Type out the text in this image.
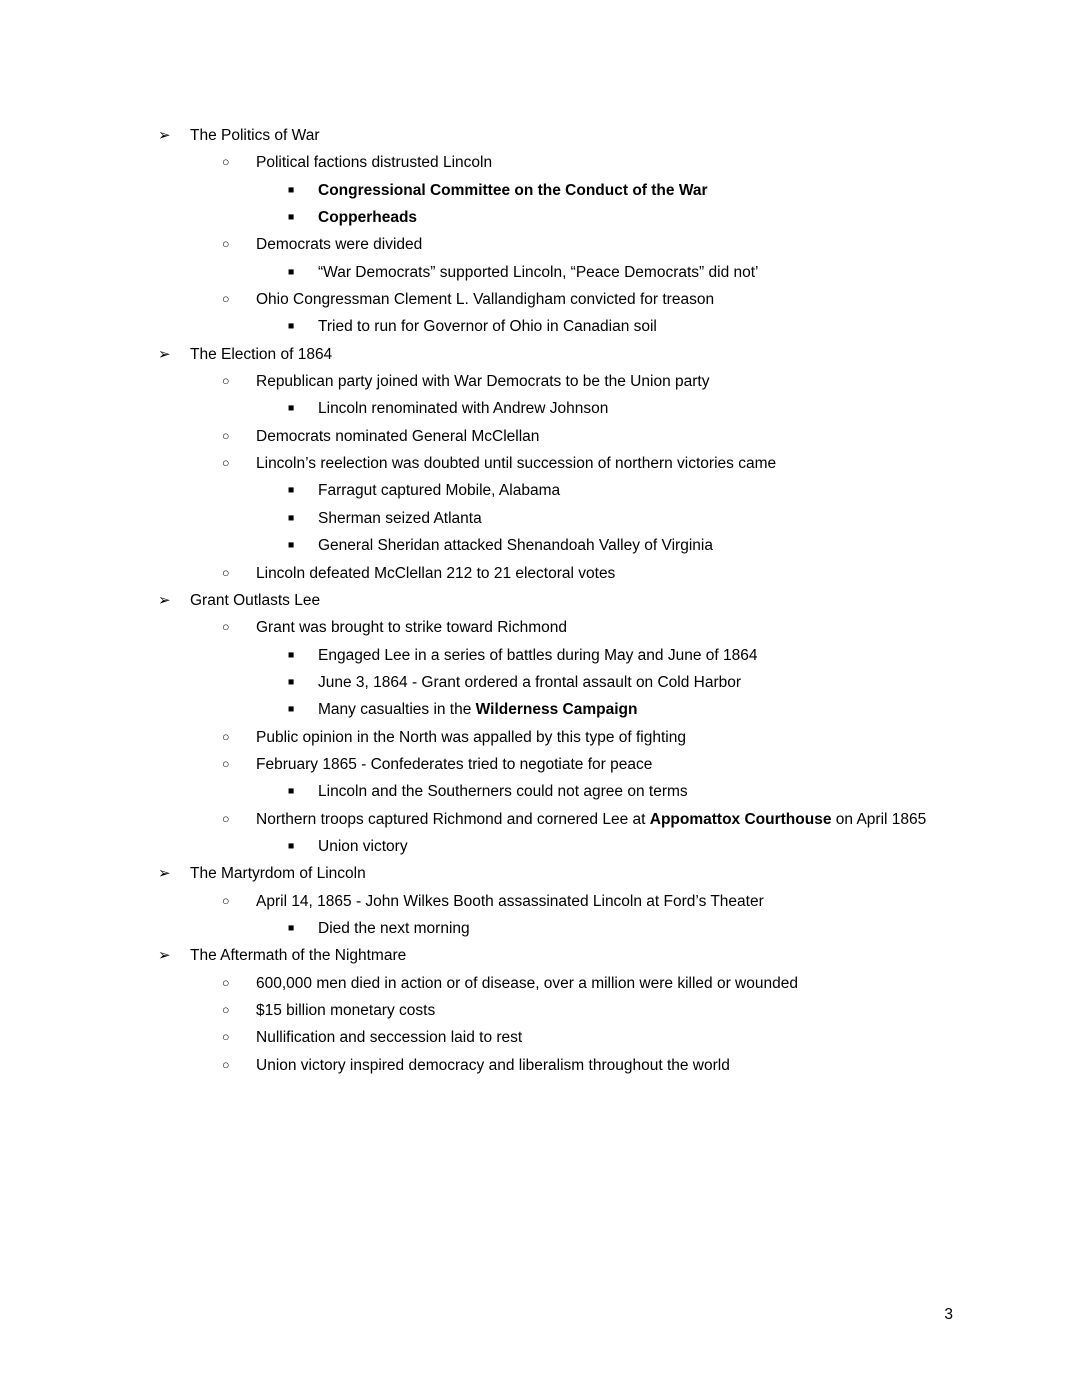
➢ The Politics of War
○ Political factions distrusted Lincoln
■ Congressional Committee on the Conduct of the War
■ Copperheads
○ Democrats were divided
■ “War Democrats” supported Lincoln, “Peace Democrats” did not’
○ Ohio Congressman Clement L. Vallandigham convicted for treason
■ Tried to run for Governor of Ohio in Canadian soil
➢ The Election of 1864
○ Republican party joined with War Democrats to be the Union party
■ Lincoln renominated with Andrew Johnson
○ Democrats nominated General McClellan
○ Lincoln’s reelection was doubted until succession of northern victories came
■ Farragut captured Mobile, Alabama
■ Sherman seized Atlanta
■ General Sheridan attacked Shenandoah Valley of Virginia
○ Lincoln defeated McClellan 212 to 21 electoral votes
➢ Grant Outlasts Lee
○ Grant was brought to strike toward Richmond
■ Engaged Lee in a series of battles during May and June of 1864
■ June 3, 1864 - Grant ordered a frontal assault on Cold Harbor
■ Many casualties in the Wilderness Campaign
○ Public opinion in the North was appalled by this type of fighting
○ February 1865 - Confederates tried to negotiate for peace
■ Lincoln and the Southerners could not agree on terms
○ Northern troops captured Richmond and cornered Lee at Appomattox Courthouse on April 1865
■ Union victory
➢ The Martyrdom of Lincoln
○ April 14, 1865 - John Wilkes Booth assassinated Lincoln at Ford’s Theater
■ Died the next morning
➢ The Aftermath of the Nightmare
○ 600,000 men died in action or of disease, over a million were killed or wounded
○ $15 billion monetary costs
○ Nullification and seccession laid to rest
○ Union victory inspired democracy and liberalism throughout the world
3
